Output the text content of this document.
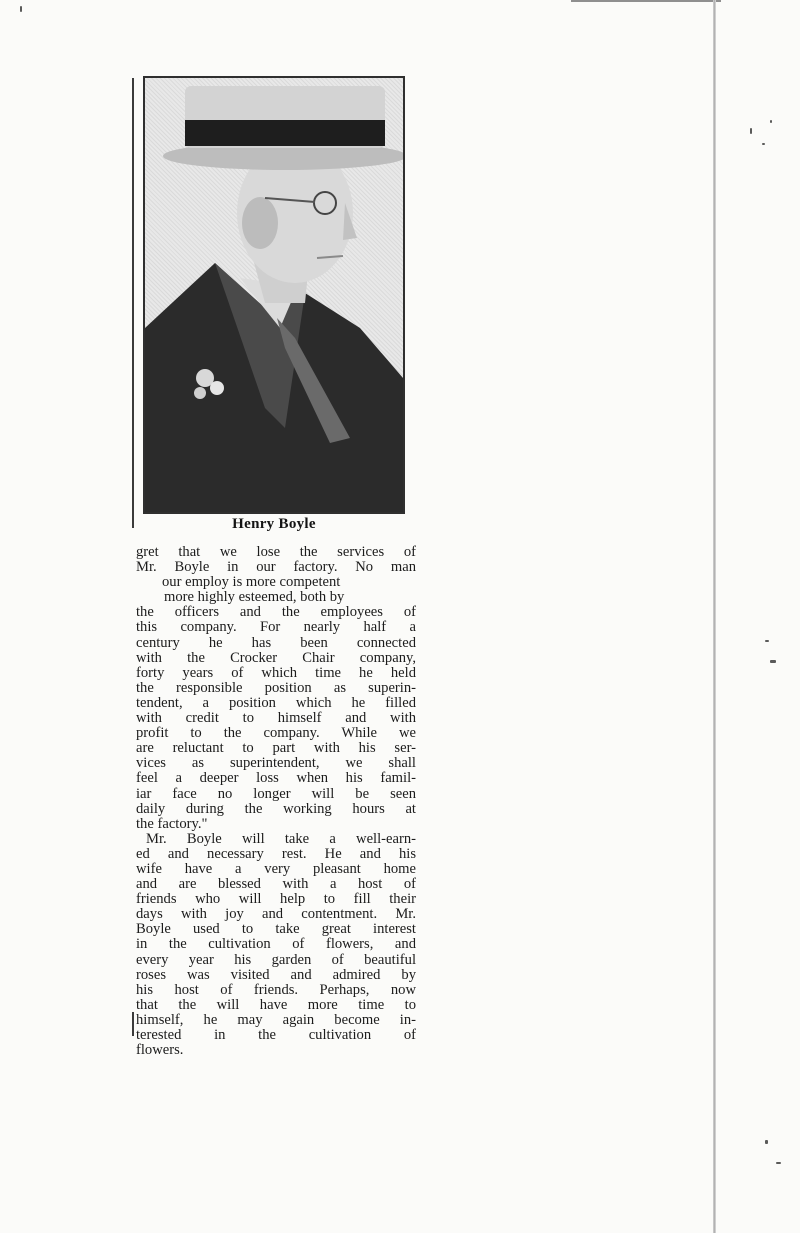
Henry Boyle
gret that we lose the services of
Mr. Boyle in our factory. No man
our employ is more competent
more highly esteemed, both by
the officers and the employees of
this company. For nearly half a
century he has been connected
with the Crocker Chair company,
forty years of which time he held
the responsible position as superin-
tendent, a position which he filled
with credit to himself and with
profit to the company. While we
are reluctant to part with his ser-
vices as superintendent, we shall
feel a deeper loss when his famil-
iar face no longer will be seen
daily during the working hours at
the factory."
Mr. Boyle will take a well-earn-
ed and necessary rest. He and his
wife have a very pleasant home
and are blessed with a host of
friends who will help to fill their
days with joy and contentment. Mr.
Boyle used to take great interest
in the cultivation of flowers, and
every year his garden of beautiful
roses was visited and admired by
his host of friends. Perhaps, now
that the will have more time to
himself, he may again become in-
terested in the cultivation of
flowers.
